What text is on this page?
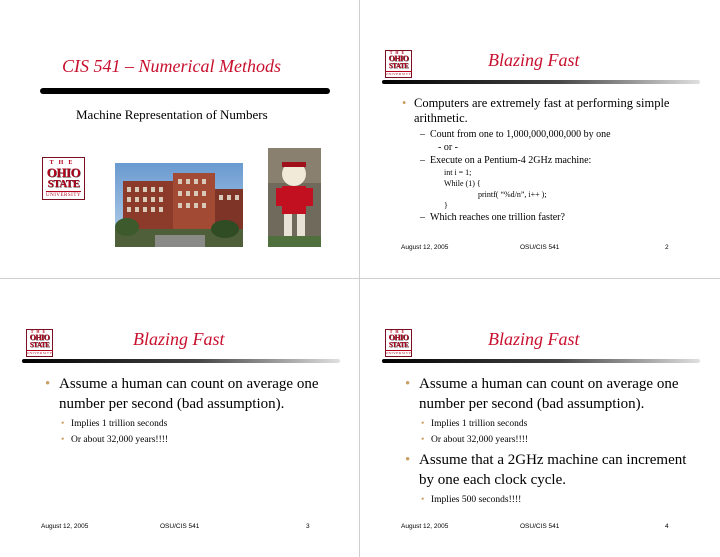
CIS 541 – Numerical Methods
Machine Representation of Numbers
THE
OHIO
STATE
UNIVERSITY
THE
OHIO
STATE
UNIVERSITY
Blazing Fast
• Computers are extremely fast at performing simple arithmetic.
– Count from one to 1,000,000,000,000 by one
- or -
– Execute on a Pentium-4 2GHz machine:
int i = 1;
While (1) {
printf( “%d/n”, i++ );
}
– Which reaches one trillion faster?
August 12, 2005	OSU/CIS 541	2
THE
OHIO
STATE
UNIVERSITY
Blazing Fast
• Assume a human can count on average one number per second (bad assumption).
• Implies 1 trillion seconds
• Or about 32,000 years!!!!
August 12, 2005	OSU/CIS 541	3
THE
OHIO
STATE
UNIVERSITY
Blazing Fast
• Assume a human can count on average one number per second (bad assumption).
• Implies 1 trillion seconds
• Or about 32,000 years!!!!
• Assume that a 2GHz machine can increment by one each clock cycle.
• Implies 500 seconds!!!!
August 12, 2005	OSU/CIS 541	4
